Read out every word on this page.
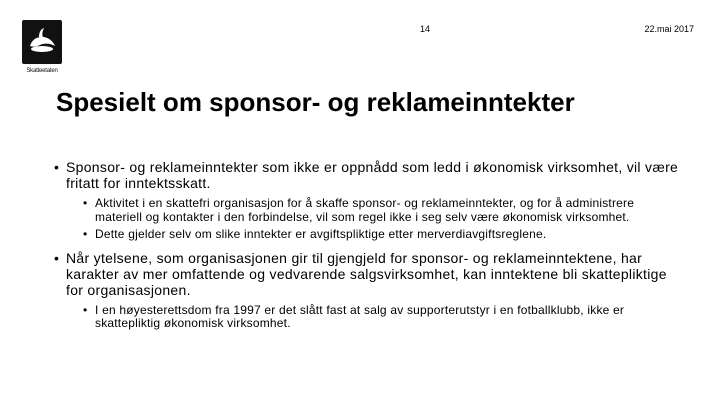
Skatteetaten
14	22.mai 2017
Spesielt om sponsor- og reklameinntekter
• Sponsor- og reklameinntekter som ikke er oppnådd som ledd i økonomisk virksomhet, vil være fritatt for inntektsskatt.
• Aktivitet i en skattefri organisasjon for å skaffe sponsor- og reklameinntekter, og for å administrere materiell og kontakter i den forbindelse, vil som regel ikke i seg selv være økonomisk virksomhet.
• Dette gjelder selv om slike inntekter er avgiftspliktige etter merverdiavgiftsreglene.
• Når ytelsene, som organisasjonen gir til gjengjeld for sponsor- og reklameinntektene, har karakter av mer omfattende og vedvarende salgsvirksomhet, kan inntektene bli skattepliktige for organisasjonen.
• I en høyesterettsdom fra 1997 er det slått fast at salg av supporterutstyr i en fotballklubb, ikke er skattepliktig økonomisk virksomhet.
